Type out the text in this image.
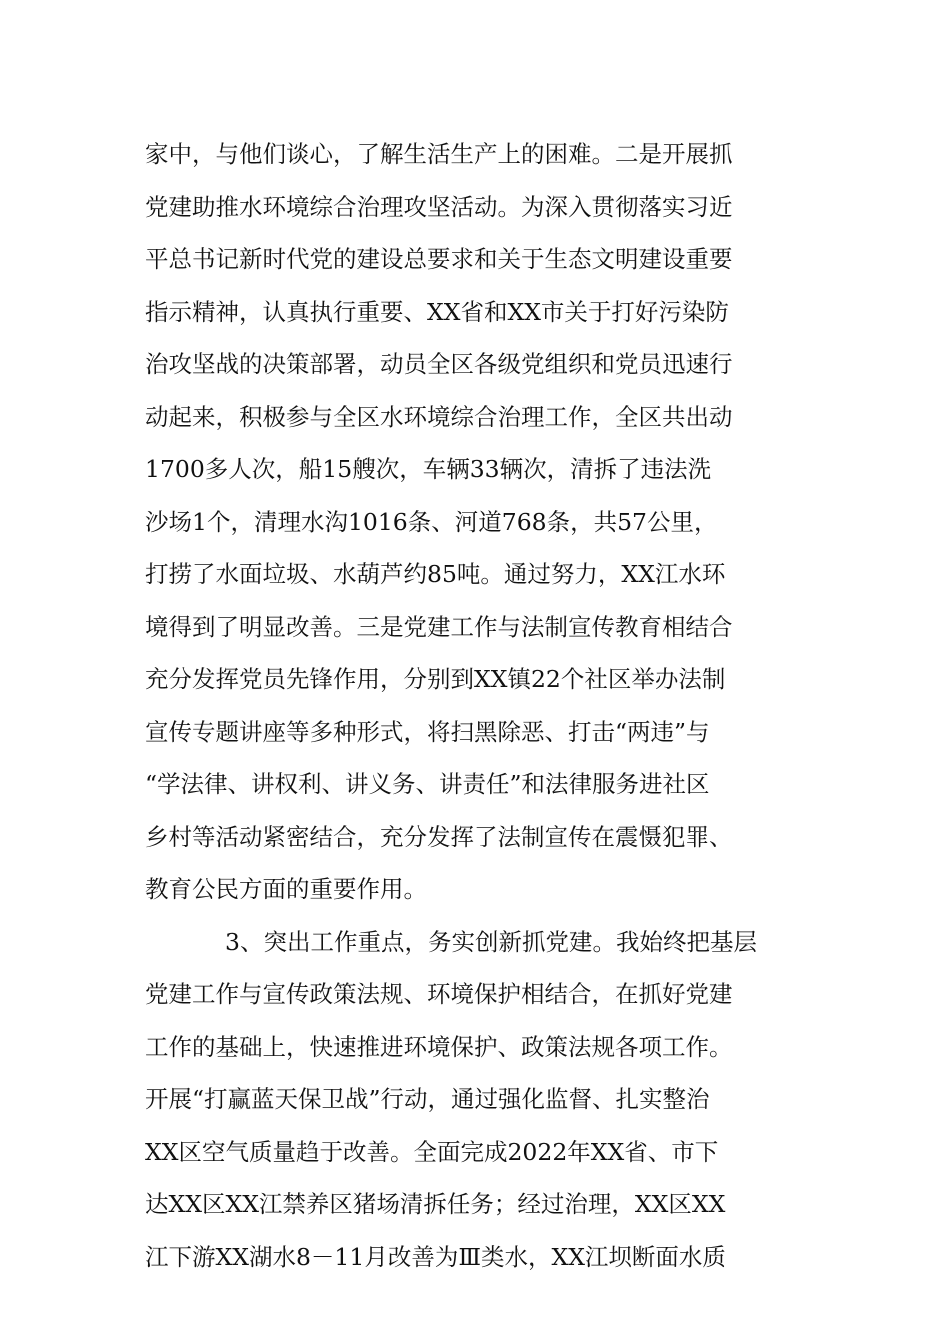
家中，与他们谈心，了解生活生产上的困难。二是开展抓
党建助推水环境综合治理攻坚活动。为深入贯彻落实习近
平总书记新时代党的建设总要求和关于生态文明建设重要
指示精神，认真执行重要、XX省和XX市关于打好污染防
治攻坚战的决策部署，动员全区各级党组织和党员迅速行
动起来，积极参与全区水环境综合治理工作，全区共出动
1700多人次，船15艘次，车辆33辆次，清拆了违法洗
沙场1个，清理水沟1016条、河道768条，共57公里，
打捞了水面垃圾、水葫芦约85吨。通过努力，XX江水环
境得到了明显改善。三是党建工作与法制宣传教育相结合
充分发挥党员先锋作用，分别到XX镇22个社区举办法制
宣传专题讲座等多种形式，将扫黑除恶、打击“两违”与
“学法律、讲权利、讲义务、讲责任”和法律服务进社区
乡村等活动紧密结合，充分发挥了法制宣传在震慑犯罪、
教育公民方面的重要作用。
3、突出工作重点，务实创新抓党建。我始终把基层
党建工作与宣传政策法规、环境保护相结合，在抓好党建
工作的基础上，快速推进环境保护、政策法规各项工作。
开展“打赢蓝天保卫战”行动，通过强化监督、扎实整治
XX区空气质量趋于改善。全面完成2022年XX省、市下
达XX区XX江禁养区猪场清拆任务；经过治理，XX区XX
江下游XX湖水8－11月改善为Ⅲ类水，XX江坝断面水质
